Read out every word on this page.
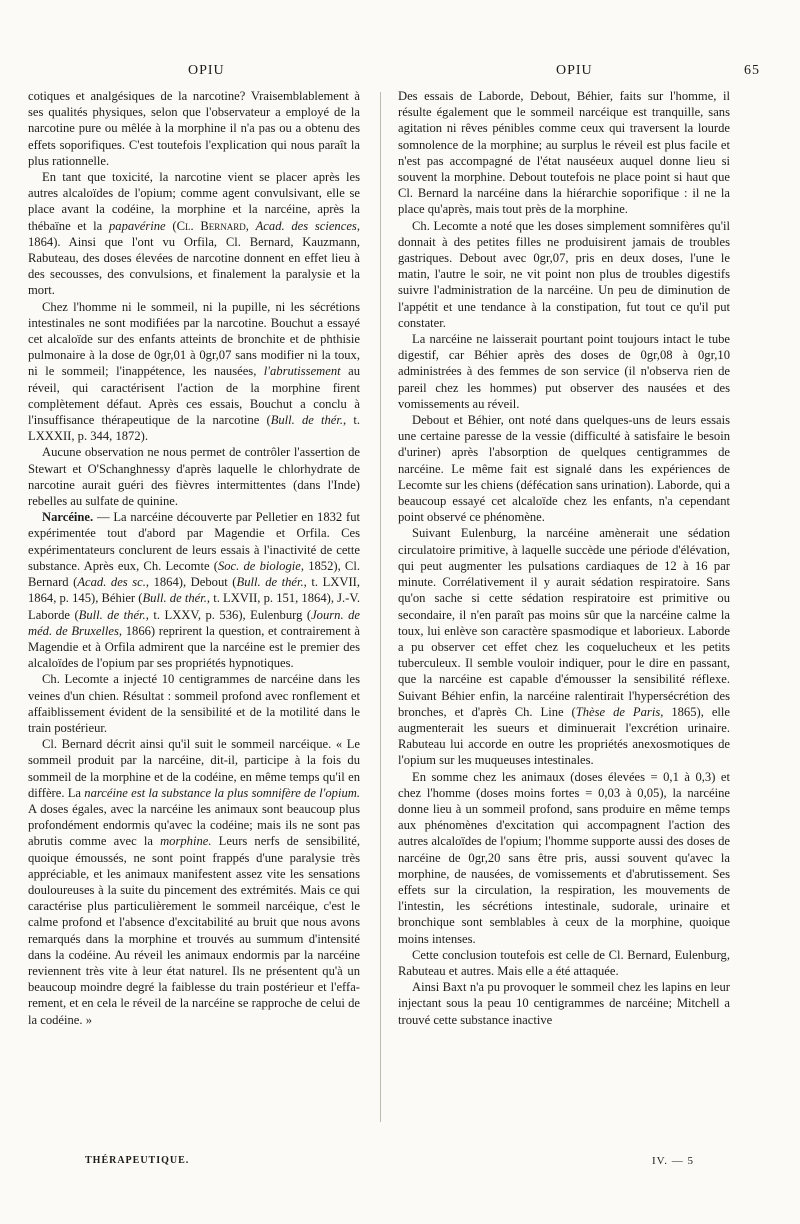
OPIU	OPIU	65

cotiques et analgésiques de la narcotine? Vraisemblablement à ses qualités physiques, selon que l'observateur a employé de la narcotine pure ou mêlée à la morphine il n'a pas ou a obtenu des effets soporifiques. C'est toutefois l'explication qui nous paraît la plus rationnelle.

En tant que toxicité, la narcotine vient se placer après les autres alcaloïdes de l'opium; comme agent convulsivant, elle se place avant la codéine, la morphine et la narcéine, après la thébaïne et la papavérine (Cl. Bernard, Acad. des sciences, 1864). Ainsi que l'ont vu Orfila, Cl. Bernard, Kauzmann, Rabuteau, des doses élevées de narcotine donnent en effet lieu à des secousses, des convulsions, et finalement la paralysie et la mort.

Chez l'homme ni le sommeil, ni la pupille, ni les sécrétions intestinales ne sont modifiées par la narcotine. Bouchut a essayé cet alcaloïde sur des enfants atteints de bronchite et de phthisie pulmonaire à la dose de 0gr,01 à 0gr,07 sans modifier ni la toux, ni le sommeil; l'inappétence, les nausées, l'abrutissement au réveil, qui caractérisent l'action de la morphine firent complètement défaut. Après ces essais, Bouchut a conclu à l'insuffisance thérapeutique de la narcotine (Bull. de thér., t. LXXXII, p. 344, 1872).

Aucune observation ne nous permet de contrôler l'assertion de Stewart et O'Schanghnessy d'après laquelle le chlorhydrate de narcotine aurait guéri des fièvres intermittentes (dans l'Inde) rebelles au sulfate de quinine.

Narcéine. — La narcéine découverte par Pelletier en 1832 fut expérimentée tout d'abord par Magendie et Orfila. Ces expérimentateurs conclurent de leurs essais à l'inactivité de cette substance. Après eux, Ch. Lecomte (Soc. de biologie, 1852), Cl. Bernard (Acad. des sc., 1864), Debout (Bull. de thér., t. LXVII, 1864, p. 145), Béhier (Bull. de thér., t. LXVII, p. 151, 1864), J.-V. Laborde (Bull. de thér., t. LXXV, p. 536), Eulenburg (Journ. de méd. de Bruxelles, 1866) reprirent la question, et contrairement à Magendie et à Orfila admirent que la narcéine est le premier des alcaloïdes de l'opium par ses propriétés hypnotiques.

Ch. Lecomte a injecté 10 centigrammes de narcéine dans les veines d'un chien. Résultat : sommeil profond avec ronflement et affaiblissement évident de la sensibilité et de la motilité dans le train postérieur.

Cl. Bernard décrit ainsi qu'il suit le sommeil narcéique. « Le sommeil produit par la narcéine, dit-il, participe à la fois du sommeil de la morphine et de la codéine, en même temps qu'il en diffère. La narcéine est la substance la plus somnifère de l'opium. A doses égales, avec la narcéine les animaux sont beaucoup plus profondément endormis qu'avec la codéine; mais ils ne sont pas abrutis comme avec la morphine. Leurs nerfs de sensibilité, quoique émoussés, ne sont point frappés d'une paralysie très appréciable, et les animaux manifestent assez vite les sensations douloureuses à la suite du pincement des extrémités. Mais ce qui caractérise plus particulièrement le sommeil narcéique, c'est le calme profond et l'absence d'excitabilité au bruit que nous avons remarqués dans la morphine et trouvés au summum d'intensité dans la codéine. Au réveil les animaux endormis par la narcéine reviennent très vite à leur état naturel. Ils ne présentent qu'à un beaucoup moindre degré la faiblesse du train postérieur et l'effarement, et en cela le réveil de la narcéine se rapproche de celui de la codéine. »

Des essais de Laborde, Debout, Béhier, faits sur l'homme, il résulte également que le sommeil narcéique est tranquille, sans agitation ni rêves pénibles comme ceux qui traversent la lourde somnolence de la morphine; au surplus le réveil est plus facile et n'est pas accompagné de l'état nauséeux auquel donne lieu si souvent la morphine. Debout toutefois ne place point si haut que Cl. Bernard la narcéine dans la hiérarchie soporifique : il ne la place qu'après, mais tout près de la morphine.

Ch. Lecomte a noté que les doses simplement somnifères qu'il donnait à des petites filles ne produisirent jamais de troubles gastriques. Debout avec 0gr,07, pris en deux doses, l'une le matin, l'autre le soir, ne vit point non plus de troubles digestifs suivre l'administration de la narcéine. Un peu de diminution de l'appétit et une tendance à la constipation, fut tout ce qu'il put constater.

La narcéine ne laisserait pourtant point toujours intact le tube digestif, car Béhier après des doses de 0gr,08 à 0gr,10 administrées à des femmes de son service (il n'observa rien de pareil chez les hommes) put observer des nausées et des vomissements au réveil.

Debout et Béhier, ont noté dans quelques-uns de leurs essais une certaine paresse de la vessie (difficulté à satisfaire le besoin d'uriner) après l'absorption de quelques centigrammes de narcéine. Le même fait est signalé dans les expériences de Lecomte sur les chiens (défécation sans urination). Laborde, qui a beaucoup essayé cet alcaloïde chez les enfants, n'a cependant point observé ce phénomène.

Suivant Eulenburg, la narcéine amènerait une sédation circulatoire primitive, à laquelle succède une période d'élévation, qui peut augmenter les pulsations cardiaques de 12 à 16 par minute. Corrélativement il y aurait sédation respiratoire. Sans qu'on sache si cette sédation respiratoire est primitive ou secondaire, il n'en paraît pas moins sûr que la narcéine calme la toux, lui enlève son caractère spasmodique et laborieux. Laborde a pu observer cet effet chez les coquelucheux et les petits tuberculeux. Il semble vouloir indiquer, pour le dire en passant, que la narcéine est capable d'émousser la sensibilité réflexe. Suivant Béhier enfin, la narcéine ralentirait l'hypersécrétion des bronches, et d'après Ch. Line (Thèse de Paris, 1865), elle augmenterait les sueurs et diminuerait l'excrétion urinaire. Rabuteau lui accorde en outre les propriétés anexosmotiques de l'opium sur les muqueuses intestinales.

En somme chez les animaux (doses élevées = 0,1 à 0,3) et chez l'homme (doses moins fortes = 0,03 à 0,05), la narcéine donne lieu à un sommeil profond, sans produire en même temps aux phénomènes d'excitation qui accompagnent l'action des autres alcaloïdes de l'opium; l'homme supporte aussi des doses de narcéine de 0gr,20 sans être pris, aussi souvent qu'avec la morphine, de nausées, de vomissements et d'abrutissement. Ses effets sur la circulation, la respiration, les mouvements de l'intestin, les sécrétions intestinale, sudorale, urinaire et bronchique sont semblables à ceux de la morphine, quoique moins intenses.

Cette conclusion toutefois est celle de Cl. Bernard, Eulenburg, Rabuteau et autres. Mais elle a été attaquée.

Ainsi Baxt n'a pu provoquer le sommeil chez les lapins en leur injectant sous la peau 10 centigrammes de narcéine; Mitchell a trouvé cette substance inactive

THÉRAPEUTIQUE.	IV. — 5
